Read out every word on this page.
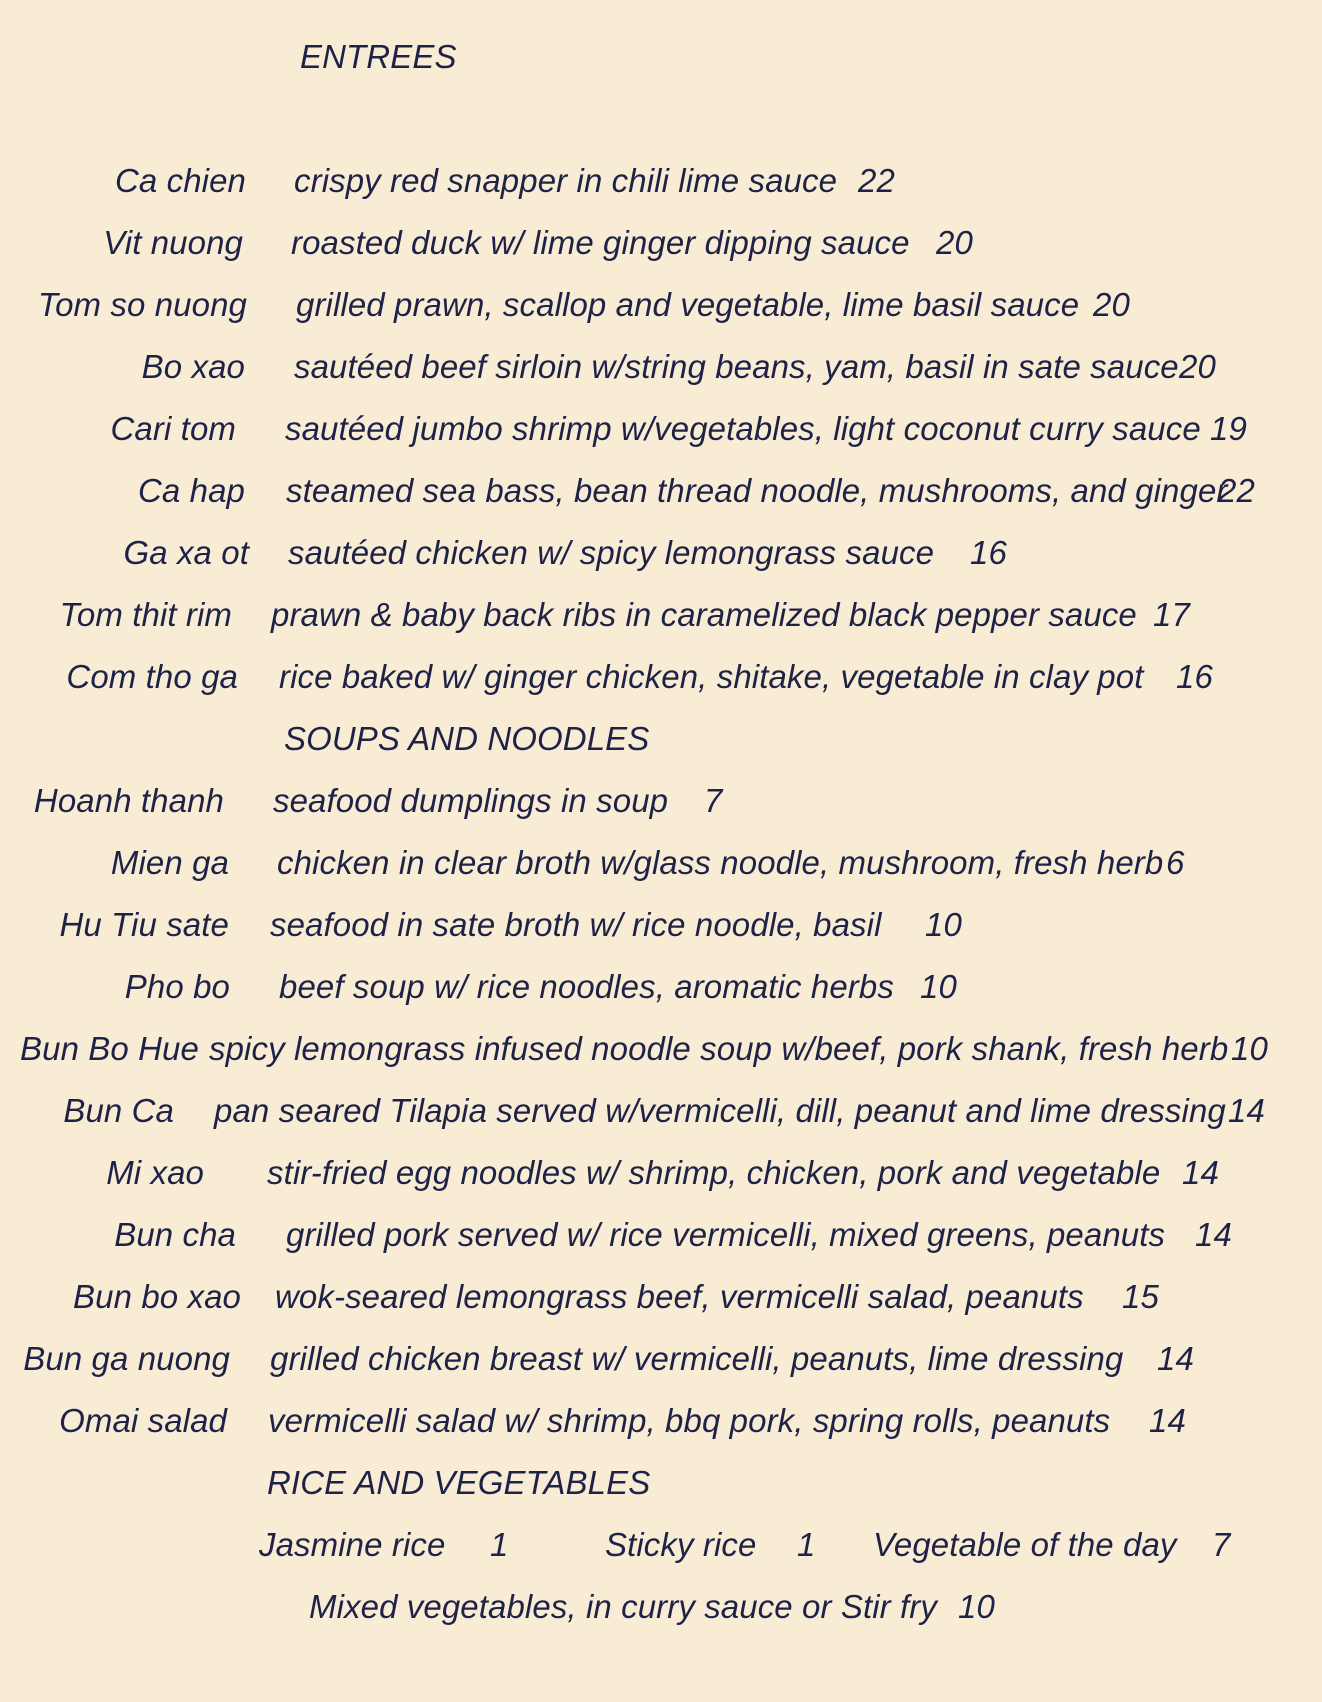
ENTREES
Ca chien crispy red snapper in chili lime sauce 22
Vit nuong roasted duck w/ lime ginger dipping sauce 20
Tom so nuong grilled prawn, scallop and vegetable, lime basil sauce 20
Bo xao sautéed beef sirloin w/string beans, yam, basil in sate sauce 20
Cari tom sautéed jumbo shrimp w/vegetables, light coconut curry sauce 19
Ca hap steamed sea bass, bean thread noodle, mushrooms, and ginger
22
Ga xa ot sautéed chicken w/ spicy lemongrass sauce 16
Tom thit rim prawn & baby back ribs in caramelized black pepper sauce 17
Com tho ga rice baked w/ ginger chicken, shitake, vegetable in clay pot 16
SOUPS AND NOODLES
Hoanh thanh seafood dumplings in soup 7
Mien ga chicken in clear broth w/glass noodle, mushroom, fresh herb 6
Hu Tiu sate seafood in sate broth w/ rice noodle, basil 10
Pho bo beef soup w/ rice noodles, aromatic herbs 10
Bun Bo Hue spicy lemongrass infused noodle soup w/beef, pork shank, fresh herb 10
Bun Ca pan seared Tilapia served w/vermicelli, dill, peanut and lime dressing 14
Mi xao stir-fried egg noodles w/ shrimp, chicken, pork and vegetable 14
Bun cha grilled pork served w/ rice vermicelli, mixed greens, peanuts 14
Bun bo xao wok-seared lemongrass beef, vermicelli salad, peanuts 15
Bun ga nuong grilled chicken breast w/ vermicelli, peanuts, lime dressing 14
Omai salad vermicelli salad w/ shrimp, bbq pork, spring rolls, peanuts 14
RICE AND VEGETABLES
Jasmine rice 1	Sticky rice 1 Vegetable of the day 7
Mixed vegetables, in curry sauce or Stir fry 10
